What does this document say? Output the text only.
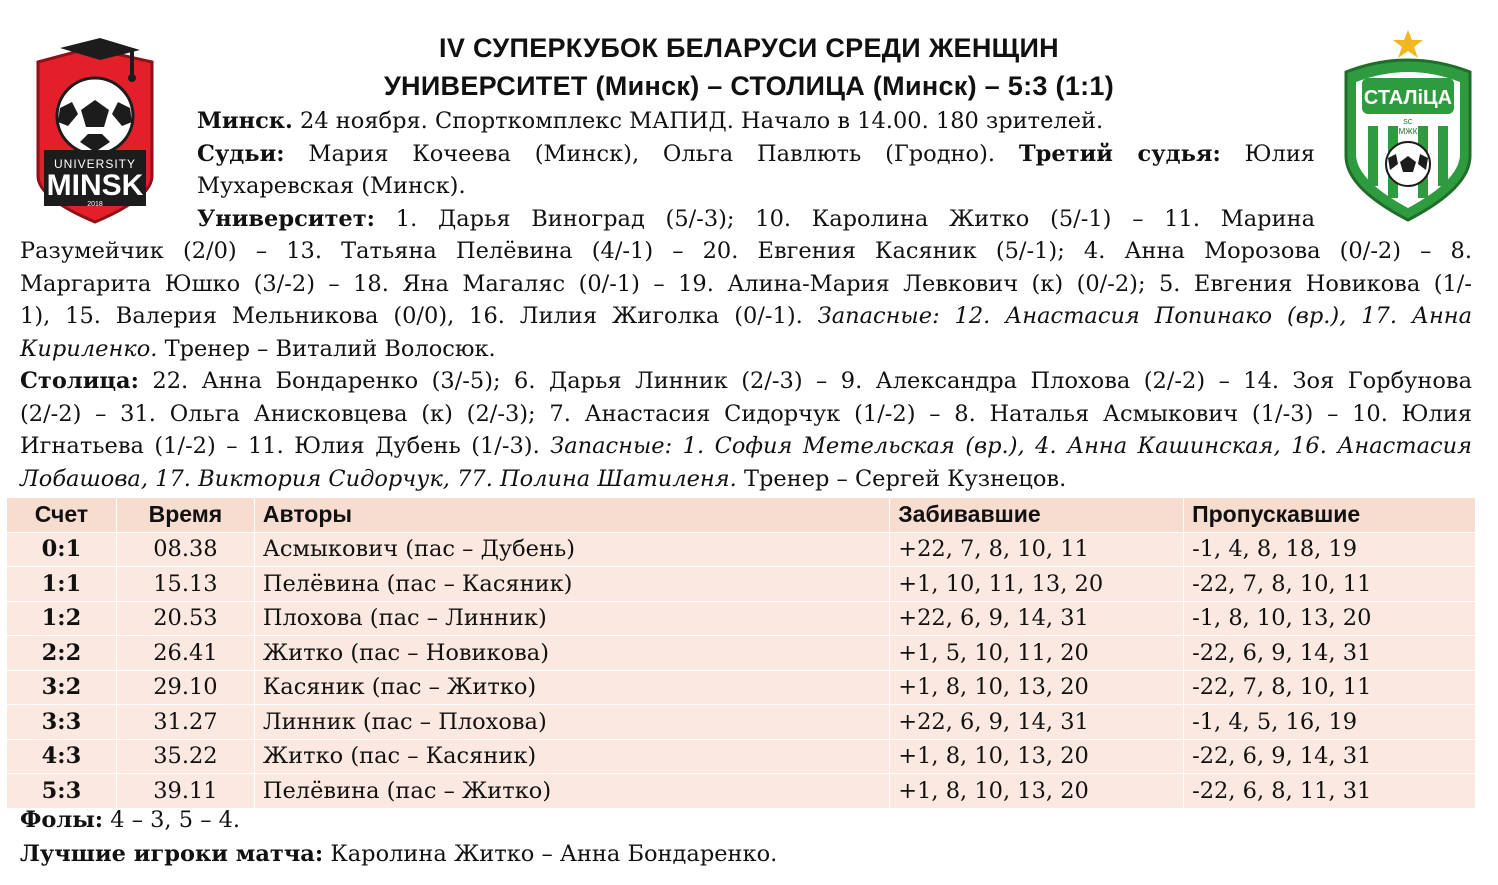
IV СУПЕРКУБОК БЕЛАРУСИ СРЕДИ ЖЕНЩИН
УНИВЕРСИТЕТ (Минск) – СТОЛИЦА (Минск) – 5:3 (1:1)
UNIVERSITY
MINSK
2018
СТАЛіЦА
SC
МЖК
Минск. 24 ноября. Спорткомплекс МАПИД. Начало в 14.00. 180 зрителей.
Судьи: Мария Кочеева (Минск), Ольга Павлють (Гродно). Третий судья: Юлия
Мухаревская (Минск).
Университет: 1. Дарья Виноград (5/-3); 10. Каролина Житко (5/-1) – 11. Марина
Разумейчик (2/0) – 13. Татьяна Пелёвина (4/-1) – 20. Евгения Касяник (5/-1); 4. Анна Морозова (0/-2) – 8.
Маргарита Юшко (3/-2) – 18. Яна Магаляс (0/-1) – 19. Алина-Мария Левкович (к) (0/-2); 5. Евгения Новикова (1/-
1), 15. Валерия Мельникова (0/0), 16. Лилия Жиголка (0/-1). Запасные: 12. Анастасия Попинако (вр.), 17. Анна
Кириленко. Тренер – Виталий Волосюк.
Столица: 22. Анна Бондаренко (3/-5); 6. Дарья Линник (2/-3) – 9. Александра Плохова (2/-2) – 14. Зоя Горбунова
(2/-2) – 31. Ольга Анисковцева (к) (2/-3); 7. Анастасия Сидорчук (1/-2) – 8. Наталья Асмыкович (1/-3) – 10. Юлия
Игнатьева (1/-2) – 11. Юлия Дубень (1/-3). Запасные: 1. София Метельская (вр.), 4. Анна Кашинская, 16. Анастасия
Лобашова, 17. Виктория Сидорчук, 77. Полина Шатиленя. Тренер – Сергей Кузнецов.
Счет	Время	Авторы	Забивавшие	Пропускавшие
0:1	08.38	Асмыкович (пас – Дубень)	+22, 7, 8, 10, 11	-1, 4, 8, 18, 19
1:1	15.13	Пелёвина (пас – Касяник)	+1, 10, 11, 13, 20	-22, 7, 8, 10, 11
1:2	20.53	Плохова (пас – Линник)	+22, 6, 9, 14, 31	-1, 8, 10, 13, 20
2:2	26.41	Житко (пас – Новикова)	+1, 5, 10, 11, 20	-22, 6, 9, 14, 31
3:2	29.10	Касяник (пас – Житко)	+1, 8, 10, 13, 20	-22, 7, 8, 10, 11
3:3	31.27	Линник (пас – Плохова)	+22, 6, 9, 14, 31	-1, 4, 5, 16, 19
4:3	35.22	Житко (пас – Касяник)	+1, 8, 10, 13, 20	-22, 6, 9, 14, 31
5:3	39.11	Пелёвина (пас – Житко)	+1, 8, 10, 13, 20	-22, 6, 8, 11, 31
Фолы: 4 – 3, 5 – 4.
Лучшие игроки матча: Каролина Житко – Анна Бондаренко.
